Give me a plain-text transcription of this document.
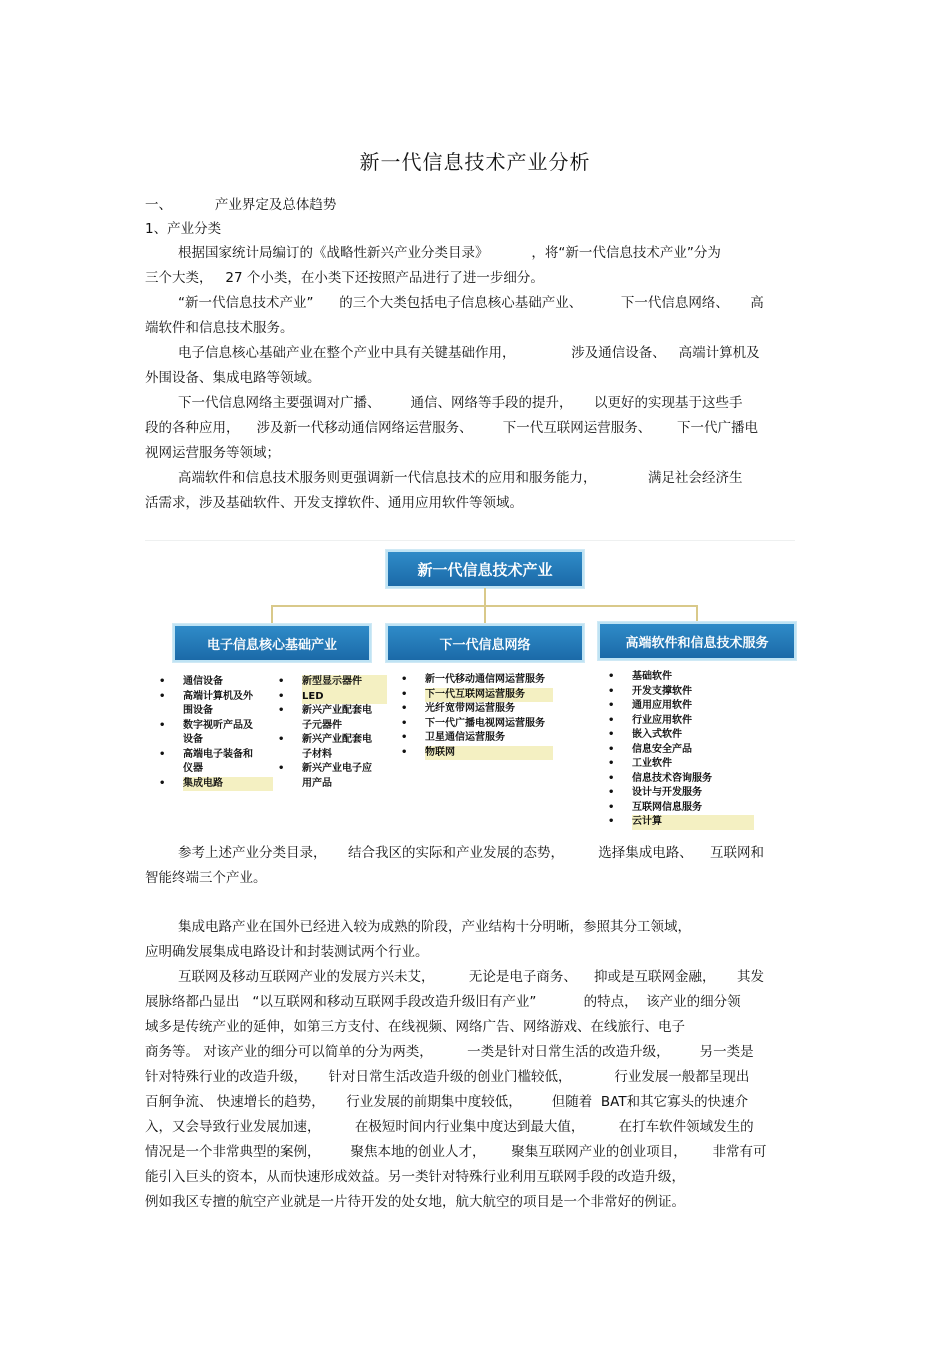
新一代信息技术产业分析
一、          产业界定及总体趋势
1、产业分类
根据国家统计局编订的《战略性新兴产业分类目录》          ，将“新一代信息技术产业”分为
三个大类，   27 个小类，在小类下还按照产品进行了进一步细分。
“新一代信息技术产业”      的三个大类包括电子信息核心基础产业、         下一代信息网络、     高
端软件和信息技术服务。
电子信息核心基础产业在整个产业中具有关键基础作用，             涉及通信设备、   高端计算机及
外围设备、集成电路等领域。
下一代信息网络主要强调对广播、       通信、网络等手段的提升，     以更好的实现基于这些手
段的各种应用，    涉及新一代移动通信网络运营服务、       下一代互联网运营服务、      下一代广播电
视网运营服务等领域；
高端软件和信息技术服务则更强调新一代信息技术的应用和服务能力，            满足社会经济生
活需求，涉及基础软件、开发支撑软件、通用应用软件等领域。
新一代信息技术产业
电子信息核心基础产业	下一代信息网络	高端软件和信息技术服务
• 通信设备
• 高端计算机及外
围设备
• 数字视听产品及
设备
• 高端电子装备和
仪器
• 集成电路
• 新型显示器件
• LED
• 新兴产业配套电
子元器件
• 新兴产业配套电
子材料
• 新兴产业电子应
用产品
• 新一代移动通信网运营服务
• 下一代互联网运营服务
• 光纤宽带网运营服务
• 下一代广播电视网运营服务
• 卫星通信运营服务
• 物联网
• 基础软件
• 开发支撑软件
• 通用应用软件
• 行业应用软件
• 嵌入式软件
• 信息安全产品
• 工业软件
• 信息技术咨询服务
• 设计与开发服务
• 互联网信息服务
• 云计算
参考上述产业分类目录，     结合我区的实际和产业发展的态势，        选择集成电路、    互联网和
智能终端三个产业。
集成电路产业在国外已经进入较为成熟的阶段，产业结构十分明晰，参照其分工领域，
应明确发展集成电路设计和封装测试两个行业。
互联网及移动互联网产业的发展方兴未艾，        无论是电子商务、    抑或是互联网金融，     其发
展脉络都凸显出   “以互联网和移动互联网手段改造升级旧有产业”           的特点，  该产业的细分领
域多是传统产业的延伸，如第三方支付、在线视频、网络广告、网络游戏、在线旅行、电子
商务等。 对该产业的细分可以简单的分为两类，        一类是针对日常生活的改造升级，       另一类是
针对特殊行业的改造升级，     针对日常生活改造升级的创业门槛较低，          行业发展一般都呈现出
百舸争流、 快速增长的趋势，     行业发展的前期集中度较低，       但随着  BAT和其它寡头的快速介
入，又会导致行业发展加速，        在极短时间内行业集中度达到最大值，        在打车软件领域发生的
情况是一个非常典型的案例，       聚焦本地的创业人才，      聚集互联网产业的创业项目，      非常有可
能引入巨头的资本，从而快速形成效益。另一类针对特殊行业利用互联网手段的改造升级，
例如我区专擅的航空产业就是一片待开发的处女地，航大航空的项目是一个非常好的例证。
